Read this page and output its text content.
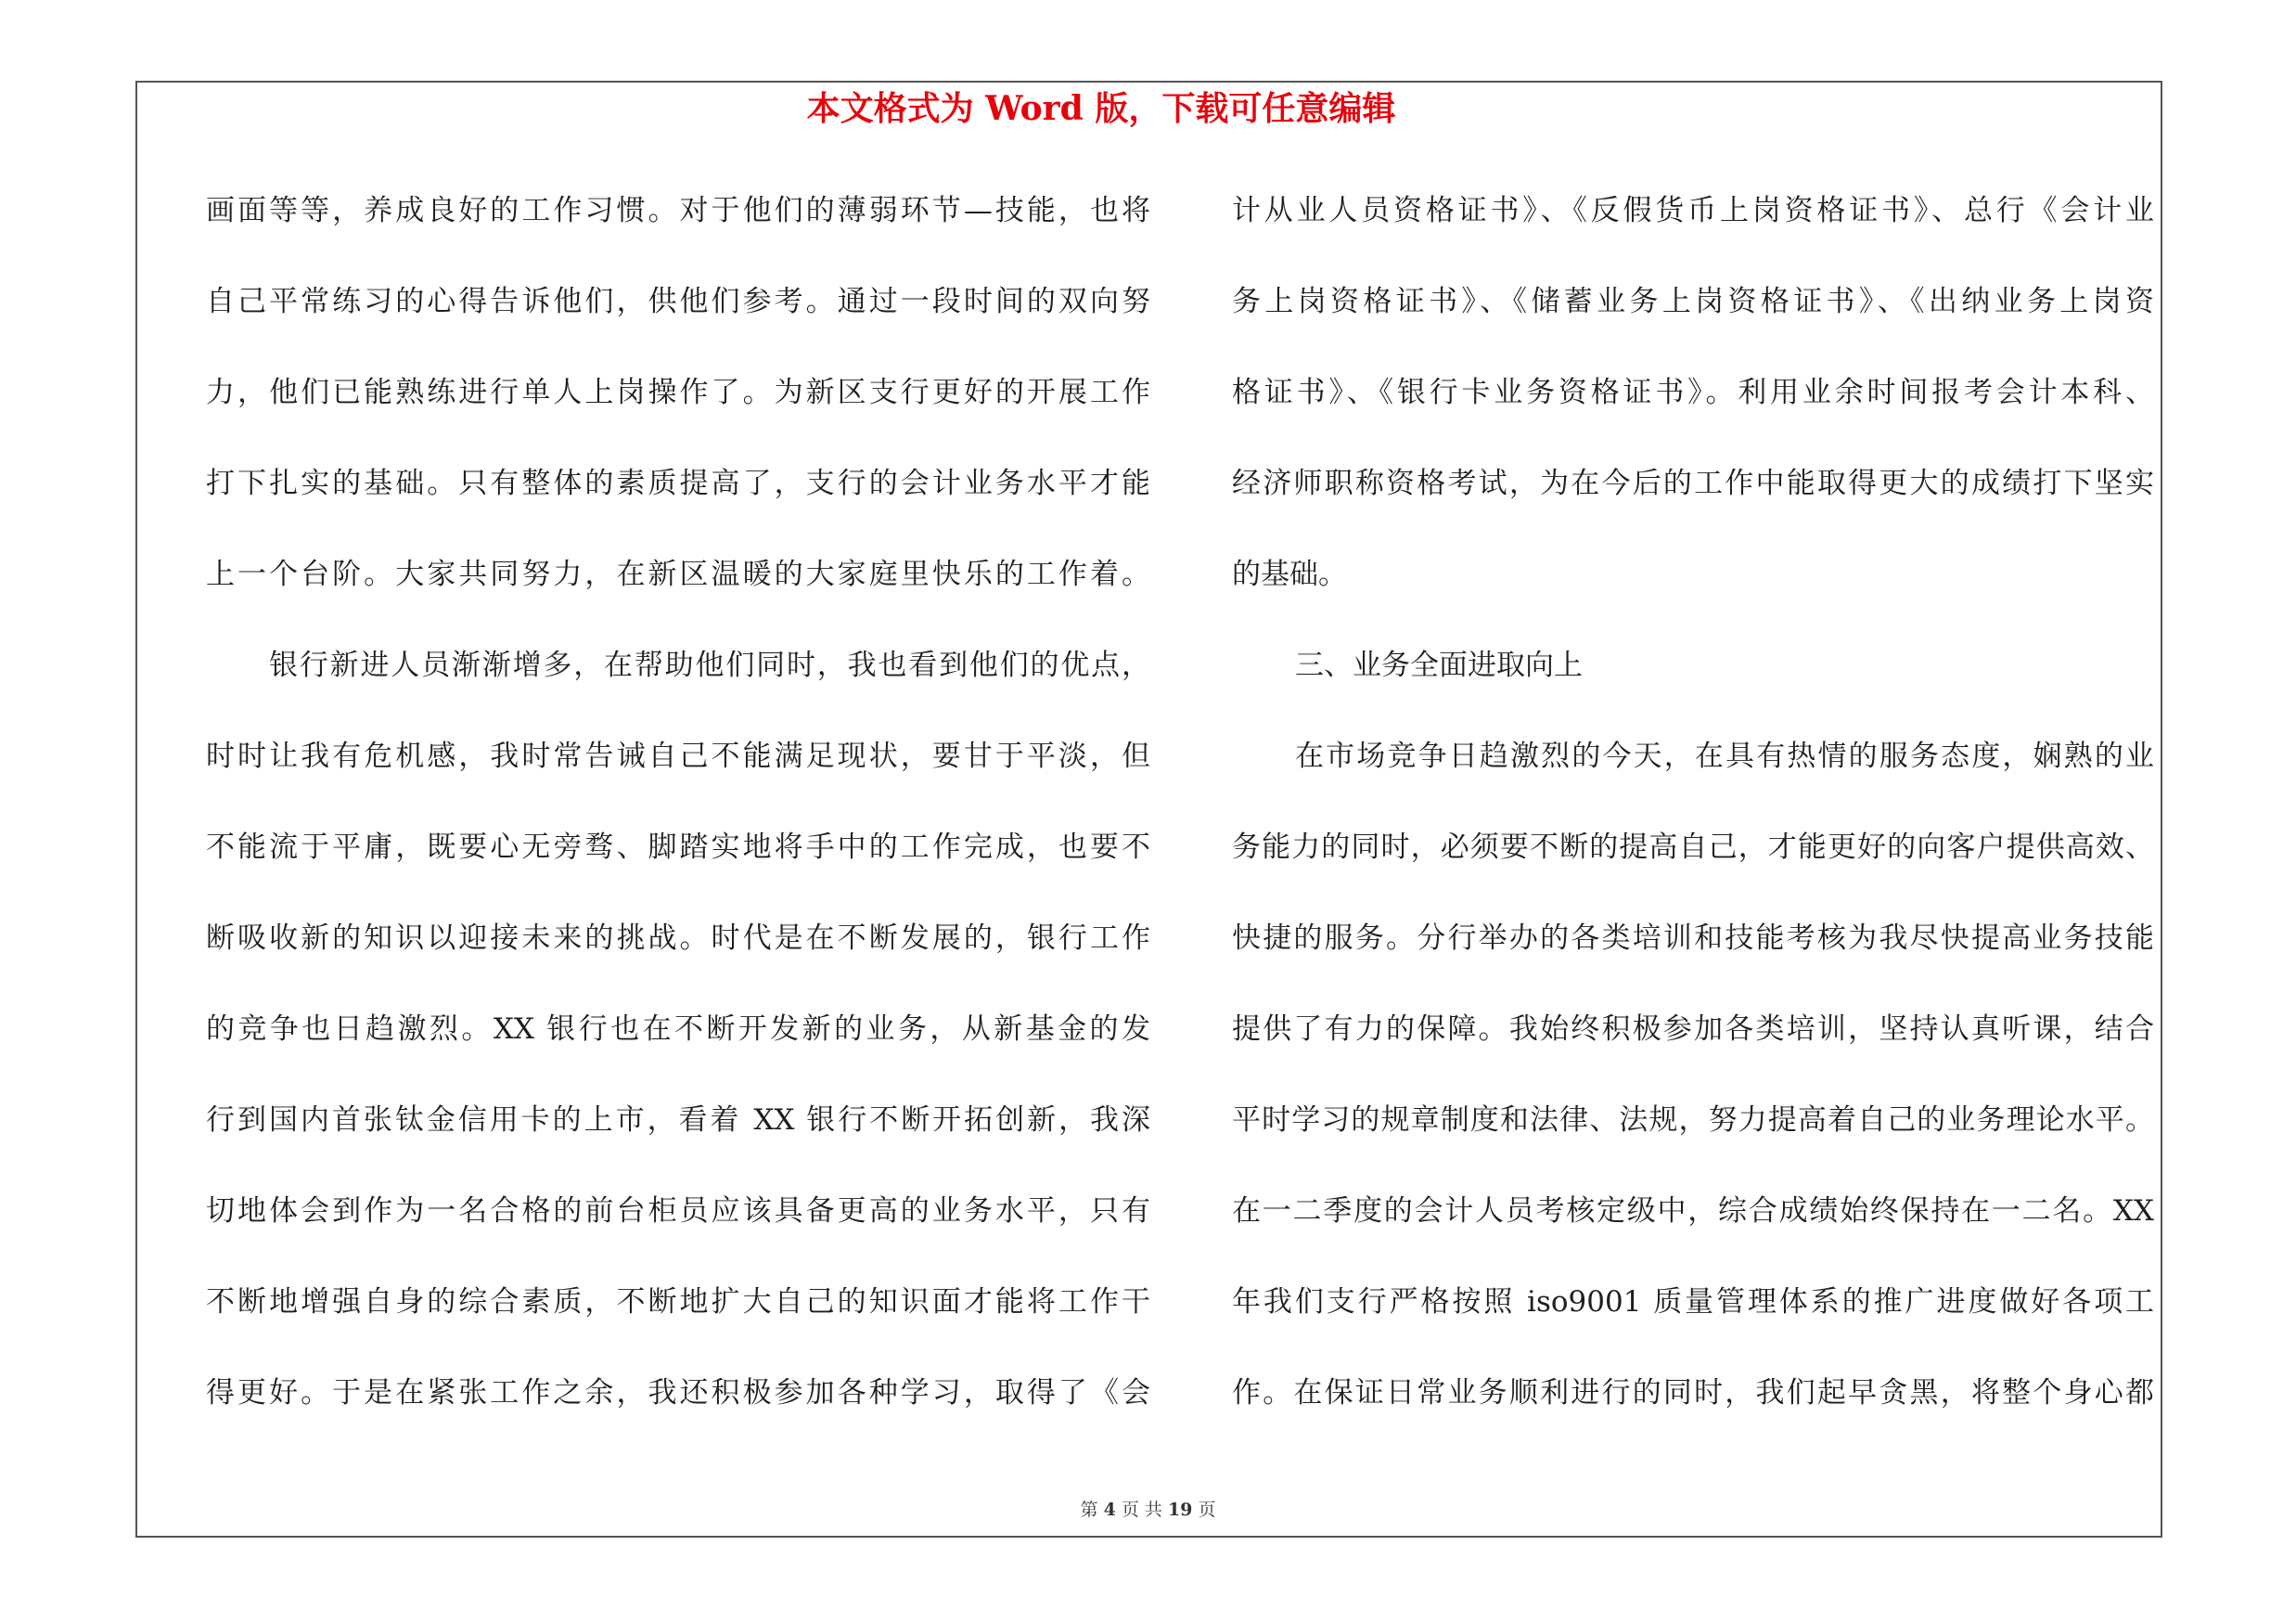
本文格式为 Word 版，下载可任意编辑
画面等等，养成良好的工作习惯。对于他们的薄弱环节—技能，也将
自己平常练习的心得告诉他们，供他们参考。通过一段时间的双向努
力，他们已能熟练进行单人上岗操作了。为新区支行更好的开展工作
打下扎实的基础。只有整体的素质提高了，支行的会计业务水平才能
上一个台阶。大家共同努力，在新区温暖的大家庭里快乐的工作着。
银行新进人员渐渐增多，在帮助他们同时，我也看到他们的优点，
时时让我有危机感，我时常告诫自己不能满足现状，要甘于平淡，但
不能流于平庸，既要心无旁骛、脚踏实地将手中的工作完成，也要不
断吸收新的知识以迎接未来的挑战。时代是在不断发展的，银行工作
的竞争也日趋激烈。XX 银行也在不断开发新的业务，从新基金的发
行到国内首张钛金信用卡的上市，看着 XX 银行不断开拓创新，我深
切地体会到作为一名合格的前台柜员应该具备更高的业务水平，只有
不断地增强自身的综合素质，不断地扩大自己的知识面才能将工作干
得更好。于是在紧张工作之余，我还积极参加各种学习，取得了《会
计从业人员资格证书》、《反假货币上岗资格证书》、总行《会计业
务上岗资格证书》、《储蓄业务上岗资格证书》、《出纳业务上岗资
格证书》、《银行卡业务资格证书》。利用业余时间报考会计本科、
经济师职称资格考试，为在今后的工作中能取得更大的成绩打下坚实
的基础。
三、业务全面进取向上
在市场竞争日趋激烈的今天，在具有热情的服务态度，娴熟的业
务能力的同时，必须要不断的提高自己，才能更好的向客户提供高效、
快捷的服务。分行举办的各类培训和技能考核为我尽快提高业务技能
提供了有力的保障。我始终积极参加各类培训，坚持认真听课，结合
平时学习的规章制度和法律、法规，努力提高着自己的业务理论水平。
在一二季度的会计人员考核定级中，综合成绩始终保持在一二名。XX
年我们支行严格按照 iso9001 质量管理体系的推广进度做好各项工
作。在保证日常业务顺利进行的同时，我们起早贪黑，将整个身心都
第 4 页 共 19 页
